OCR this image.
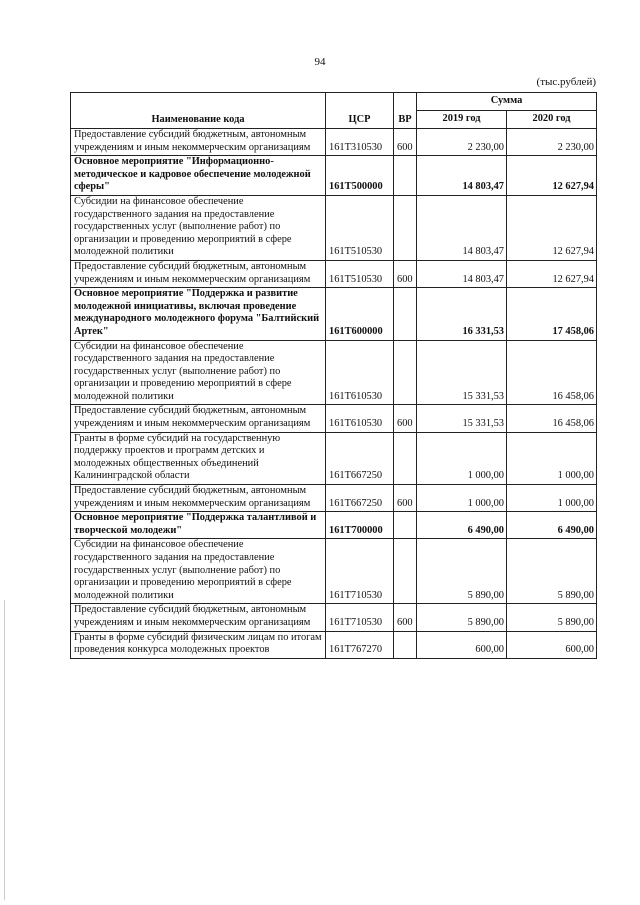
94
(тыс.рублей)
Наименование кода	ЦСР	ВР	Сумма	
			2019 год	2020 год
Предоставление субсидий бюджетным, автономным учреждениям и иным некоммерческим организациям	161Т310530	600	2 230,00	2 230,00
Основное мероприятие "Информационно-методическое и кадровое обеспечение молодежной сферы"	161Т500000		14 803,47	12 627,94
Субсидии на финансовое обеспечение государственного задания на предоставление государственных услуг (выполнение работ) по организации и проведению мероприятий в сфере молодежной политики	161Т510530		14 803,47	12 627,94
Предоставление субсидий бюджетным, автономным учреждениям и иным некоммерческим организациям	161Т510530	600	14 803,47	12 627,94
Основное мероприятие "Поддержка и развитие молодежной инициативы, включая проведение международного молодежного форума "Балтийский Артек"	161Т600000		16 331,53	17 458,06
Субсидии на финансовое обеспечение государственного задания на предоставление государственных услуг (выполнение работ) по организации и проведению мероприятий в сфере молодежной политики	161Т610530		15 331,53	16 458,06
Предоставление субсидий бюджетным, автономным учреждениям и иным некоммерческим организациям	161Т610530	600	15 331,53	16 458,06
Гранты в форме субсидий на государственную поддержку проектов и программ детских и молодежных общественных объединений Калининградской области	161Т667250		1 000,00	1 000,00
Предоставление субсидий бюджетным, автономным учреждениям и иным некоммерческим организациям	161Т667250	600	1 000,00	1 000,00
Основное мероприятие "Поддержка талантливой и творческой молодежи"	161Т700000		6 490,00	6 490,00
Субсидии на финансовое обеспечение государственного задания на предоставление государственных услуг (выполнение работ) по организации и проведению мероприятий в сфере молодежной политики	161Т710530		5 890,00	5 890,00
Предоставление субсидий бюджетным, автономным учреждениям и иным некоммерческим организациям	161Т710530	600	5 890,00	5 890,00
Гранты в форме субсидий физическим лицам по итогам проведения конкурса молодежных проектов	161Т767270		600,00	600,00
